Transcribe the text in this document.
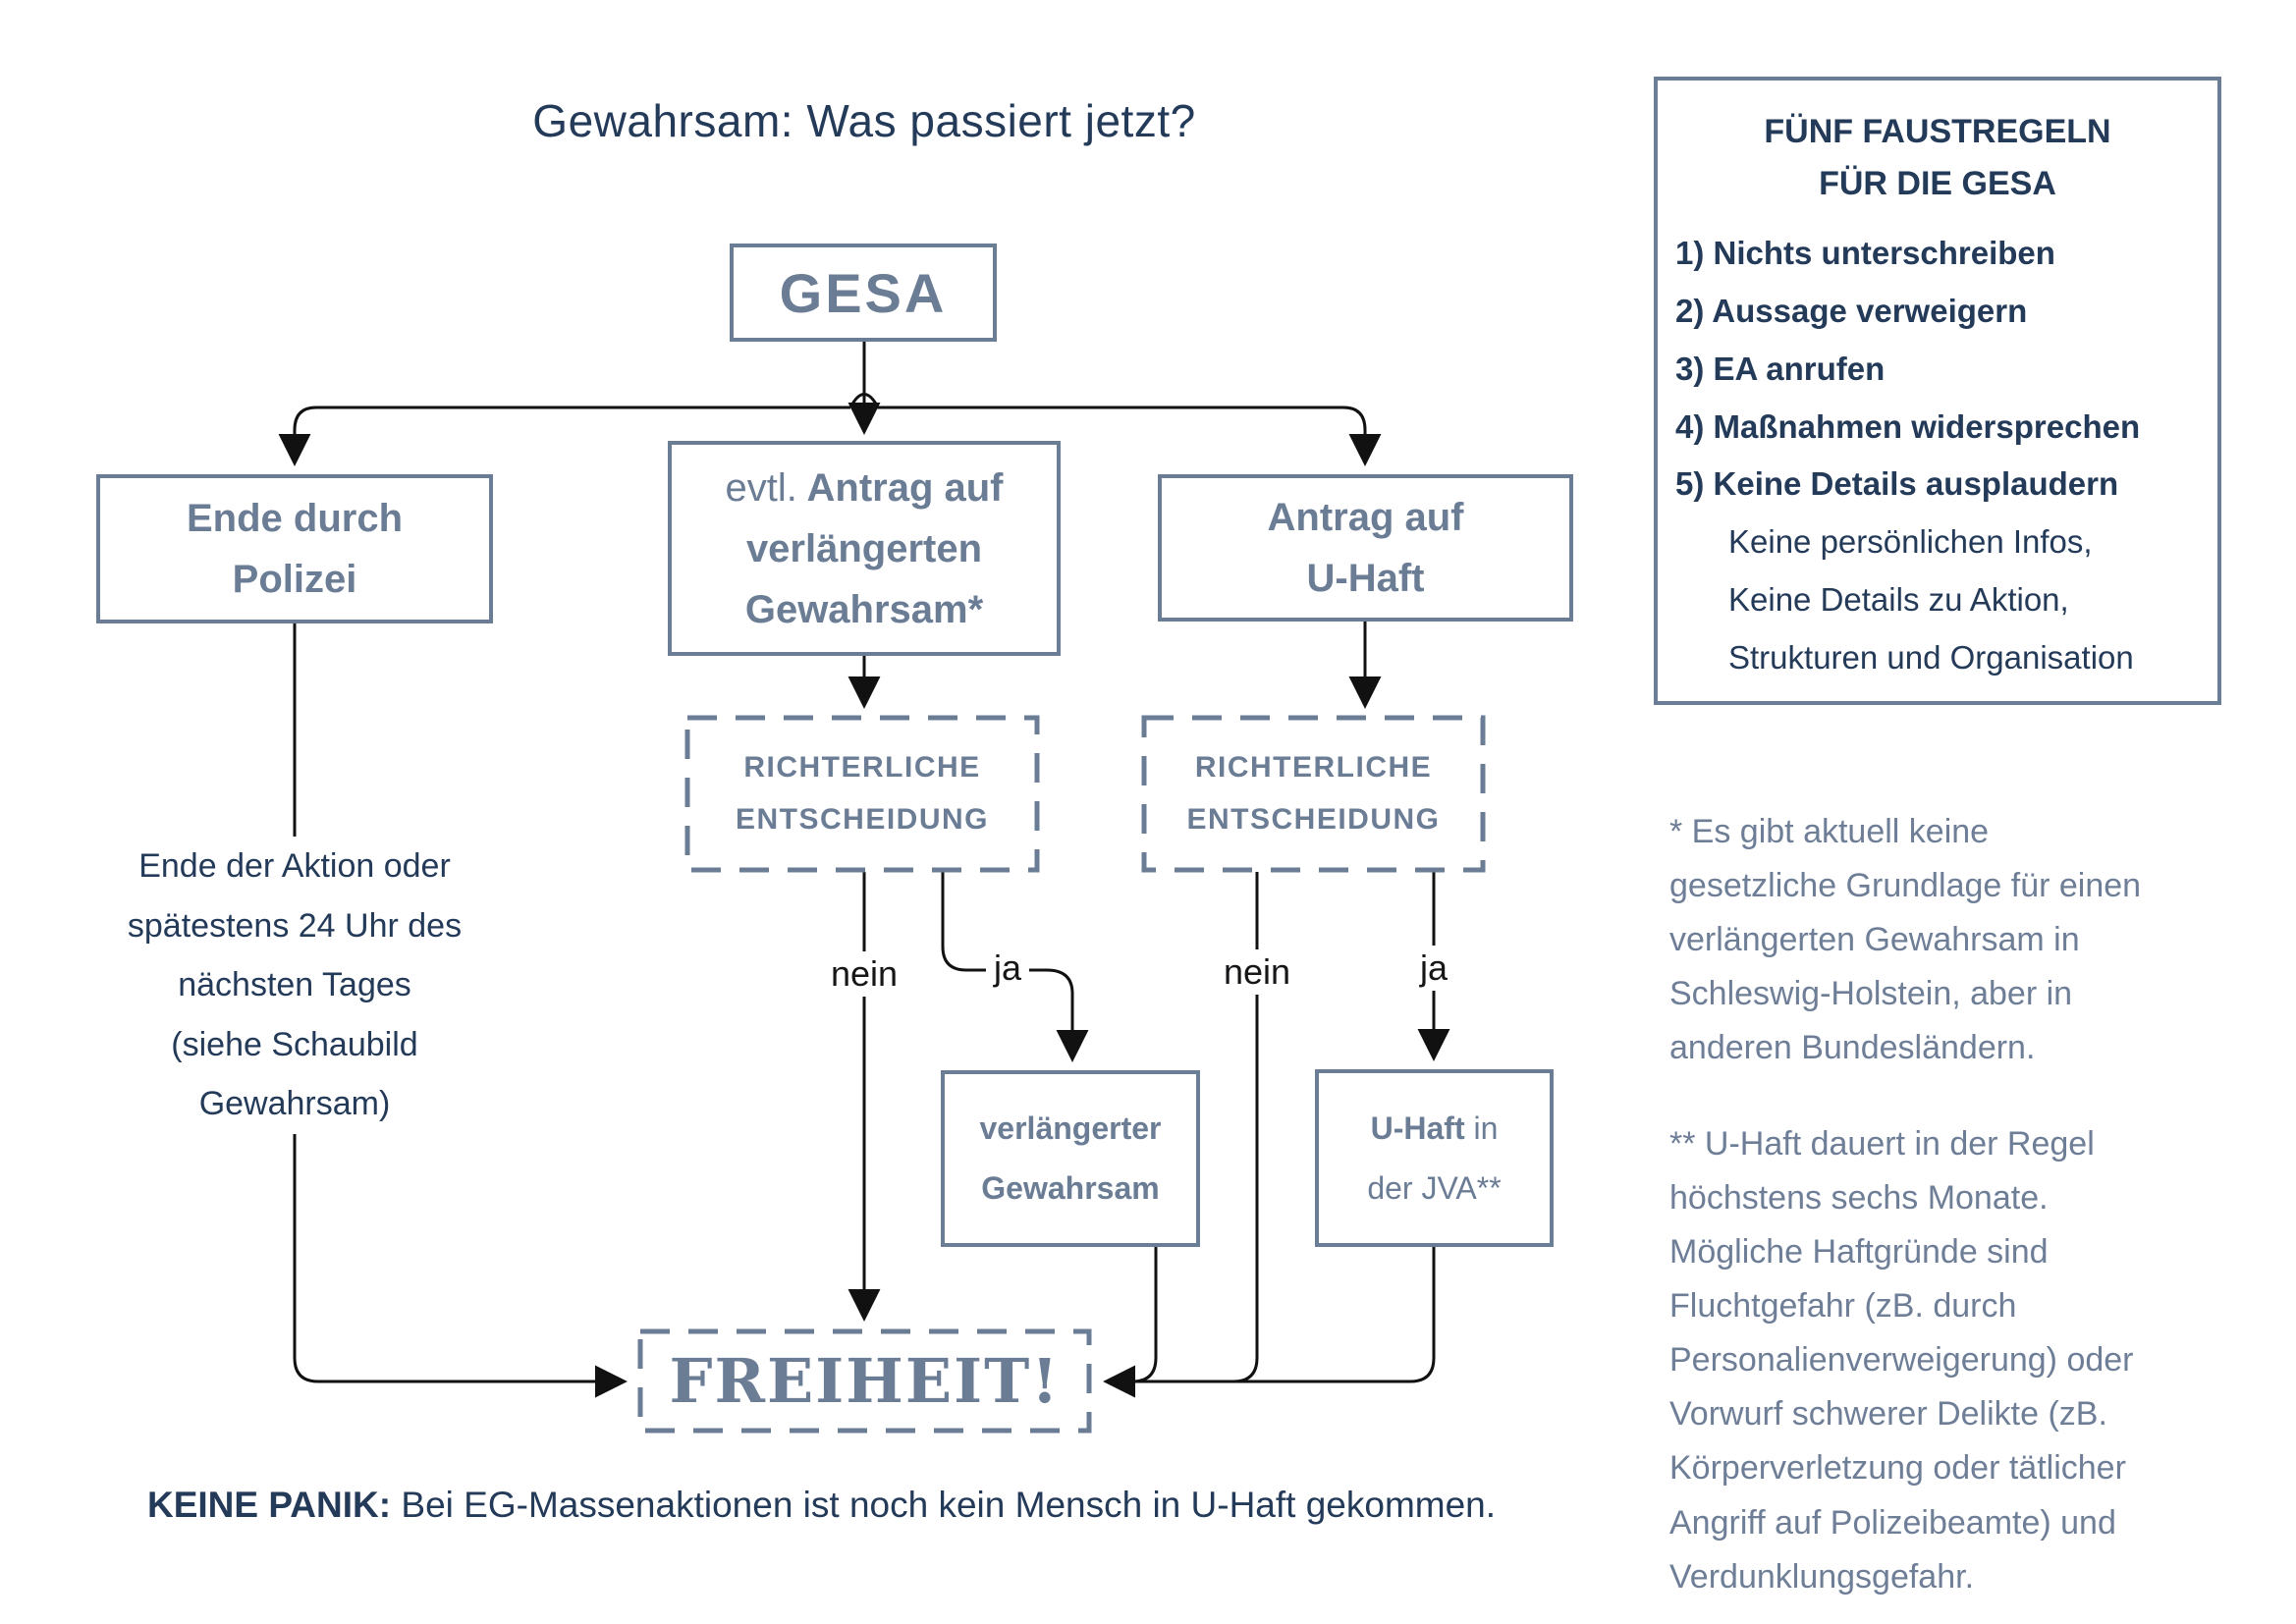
Gewahrsam: Was passiert jetzt?
GESA
Ende durch
Polizei
evtl. Antrag auf
verlängerten
Gewahrsam*
Antrag auf
U-Haft
RICHTERLICHE
ENTSCHEIDUNG
RICHTERLICHE
ENTSCHEIDUNG
verlängerter
Gewahrsam
U-Haft in
der JVA**
FREIHEIT!
Ende der Aktion oder
spätestens 24 Uhr des
nächsten Tages
(siehe Schaubild
Gewahrsam)
nein	ja	nein	ja
FÜNF FAUSTREGELN
FÜR DIE GESA
1) Nichts unterschreiben
2) Aussage verweigern
3) EA anrufen
4) Maßnahmen widersprechen
5) Keine Details ausplaudern
Keine persönlichen Infos,
Keine Details zu Aktion,
Strukturen und Organisation
* Es gibt aktuell keine
gesetzliche Grundlage für einen
verlängerten Gewahrsam in
Schleswig-Holstein, aber in
anderen Bundesländern.
** U-Haft dauert in der Regel
höchstens sechs Monate.
Mögliche Haftgründe sind
Fluchtgefahr (zB. durch
Personalienverweigerung) oder
Vorwurf schwerer Delikte (zB.
Körperverletzung oder tätlicher
Angriff auf Polizeibeamte) und
Verdunklungsgefahr.
KEINE PANIK: Bei EG-Massenaktionen ist noch kein Mensch in U-Haft gekommen.
